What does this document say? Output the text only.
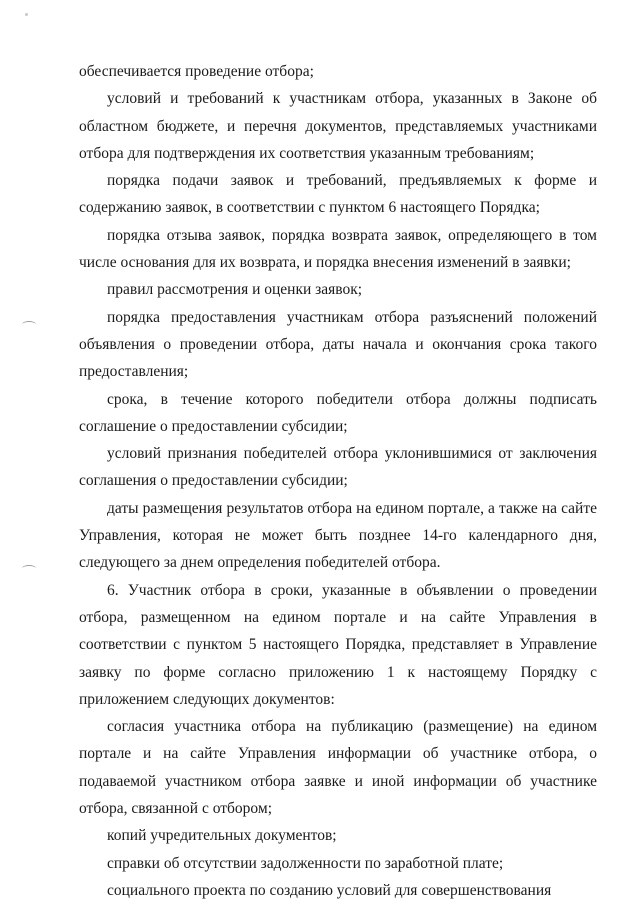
обеспечивается проведение отбора;

условий и требований к участникам отбора, указанных в Законе об областном бюджете, и перечня документов, представляемых участниками отбора для подтверждения их соответствия указанным требованиям;

порядка подачи заявок и требований, предъявляемых к форме и содержанию заявок, в соответствии с пунктом 6 настоящего Порядка;

порядка отзыва заявок, порядка возврата заявок, определяющего в том числе основания для их возврата, и порядка внесения изменений в заявки;

правил рассмотрения и оценки заявок;

порядка предоставления участникам отбора разъяснений положений объявления о проведении отбора, даты начала и окончания срока такого предоставления;

срока, в течение которого победители отбора должны подписать соглашение о предоставлении субсидии;

условий признания победителей отбора уклонившимися от заключения соглашения о предоставлении субсидии;

даты размещения результатов отбора на едином портале, а также на сайте Управления, которая не может быть позднее 14-го календарного дня, следующего за днем определения победителей отбора.

6. Участник отбора в сроки, указанные в объявлении о проведении отбора, размещенном на едином портале и на сайте Управления в соответствии с пунктом 5 настоящего Порядка, представляет в Управление заявку по форме согласно приложению 1 к настоящему Порядку с приложением следующих документов:

согласия участника отбора на публикацию (размещение) на едином портале и на сайте Управления информации об участнике отбора, о подаваемой участником отбора заявке и иной информации об участнике отбора, связанной с отбором;

копий учредительных документов;

справки об отсутствии задолженности по заработной плате;

социального проекта по созданию условий для совершенствования
